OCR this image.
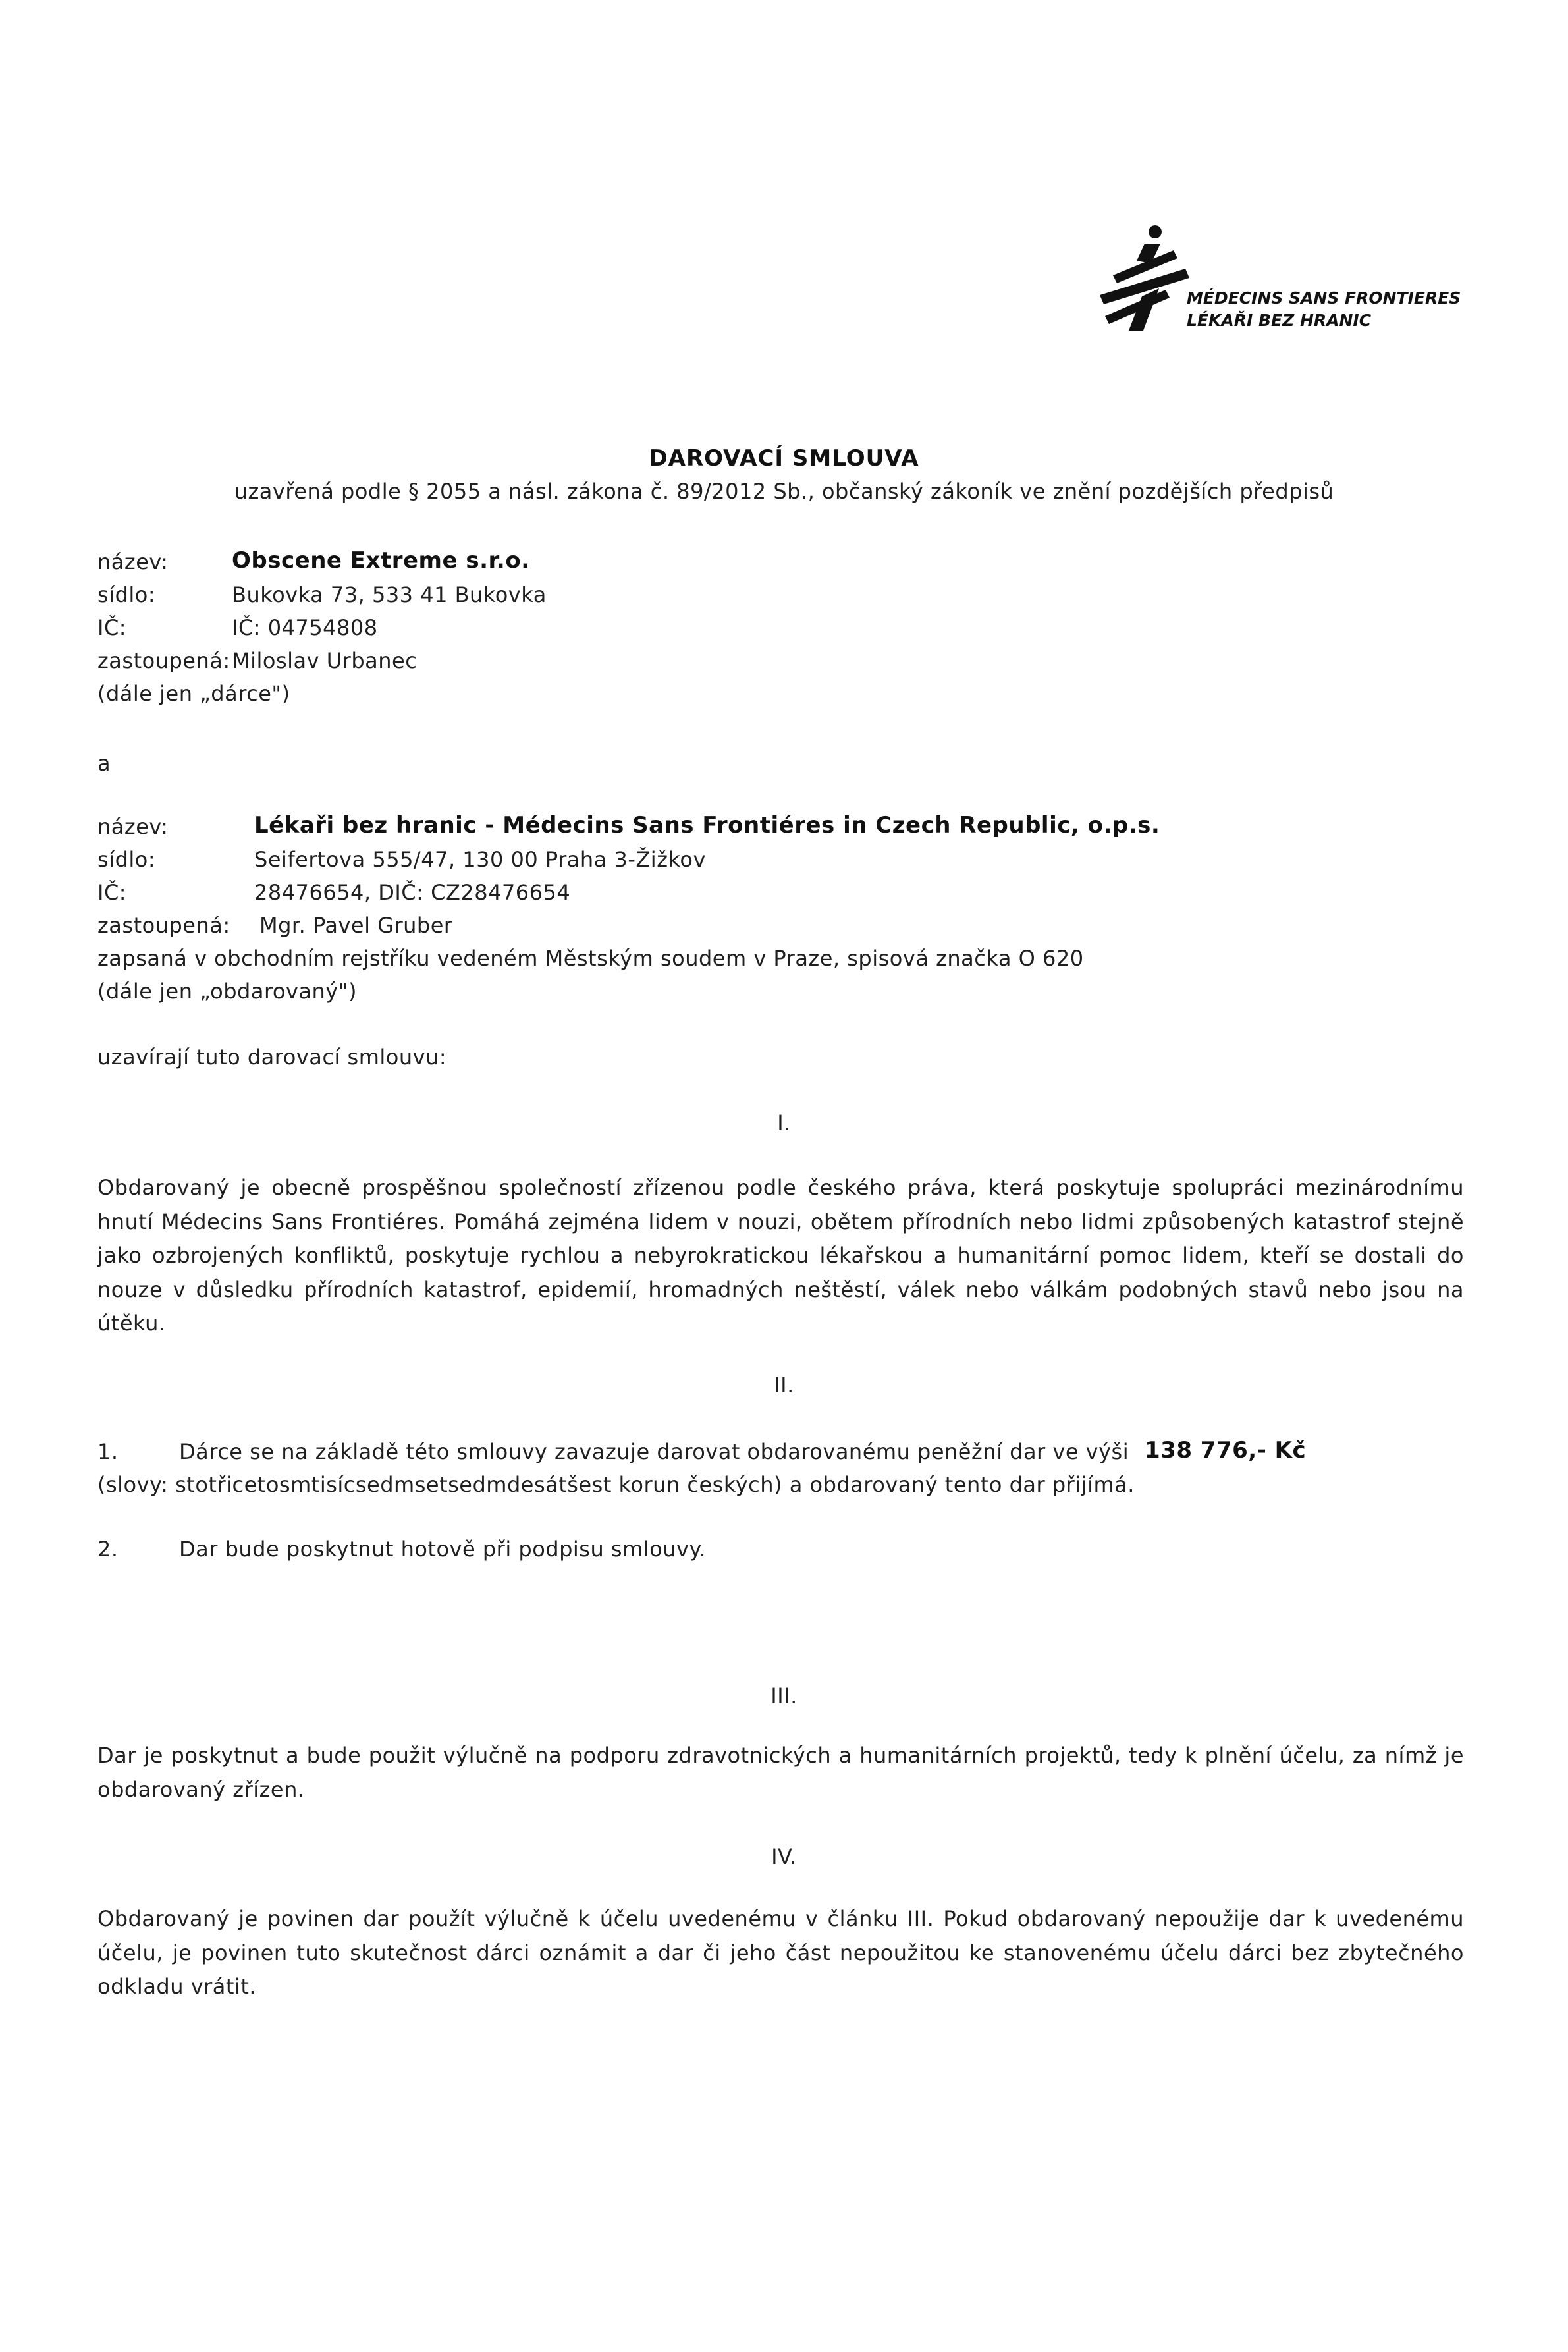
MÉDECINS SANS FRONTIERES
LÉKAŘI BEZ HRANIC
DAROVACÍ SMLOUVA
uzavřená podle § 2055 a násl. zákona č. 89/2012 Sb., občanský zákoník ve znění pozdějších předpisů
název:	Obscene Extreme s.r.o.
sídlo:	Bukovka 73, 533 41 Bukovka
IČ:	IČ: 04754808
zastoupená: Miloslav Urbanec
(dále jen „dárce")
a
název:	Lékaři bez hranic - Médecins Sans Frontiéres in Czech Republic, o.p.s.
sídlo:	Seifertova 555/47, 130 00 Praha 3-Žižkov
IČ:	28476654, DIČ: CZ28476654
zastoupená: Mgr. Pavel Gruber
zapsaná v obchodním rejstříku vedeném Městským soudem v Praze, spisová značka O 620
(dále jen „obdarovaný")
uzavírají tuto darovací smlouvu:
I.
Obdarovaný je obecně prospěšnou společností zřízenou podle českého práva, která poskytuje spolupráci mezinárodnímu hnutí Médecins Sans Frontiéres. Pomáhá zejména lidem v nouzi, obětem přírodních nebo lidmi způsobených katastrof stejně jako ozbrojených konfliktů, poskytuje rychlou a nebyrokratickou lékařskou a humanitární pomoc lidem, kteří se dostali do nouze v důsledku přírodních katastrof, epidemií, hromadných neštěstí, válek nebo válkám podobných stavů nebo jsou na útěku.
II.
1.	Dárce se na základě této smlouvy zavazuje darovat obdarovanému peněžní dar ve výši 138 776,- Kč
(slovy: stotřicetosmtisícsedmsetsedmdesátšest korun českých) a obdarovaný tento dar přijímá.
2.	Dar bude poskytnut hotově při podpisu smlouvy.
III.
Dar je poskytnut a bude použit výlučně na podporu zdravotnických a humanitárních projektů, tedy k plnění účelu, za nímž je obdarovaný zřízen.
IV.
Obdarovaný je povinen dar použít výlučně k účelu uvedenému v článku III. Pokud obdarovaný nepoužije dar k uvedenému účelu, je povinen tuto skutečnost dárci oznámit a dar či jeho část nepoužitou ke stanovenému účelu dárci bez zbytečného odkladu vrátit.
